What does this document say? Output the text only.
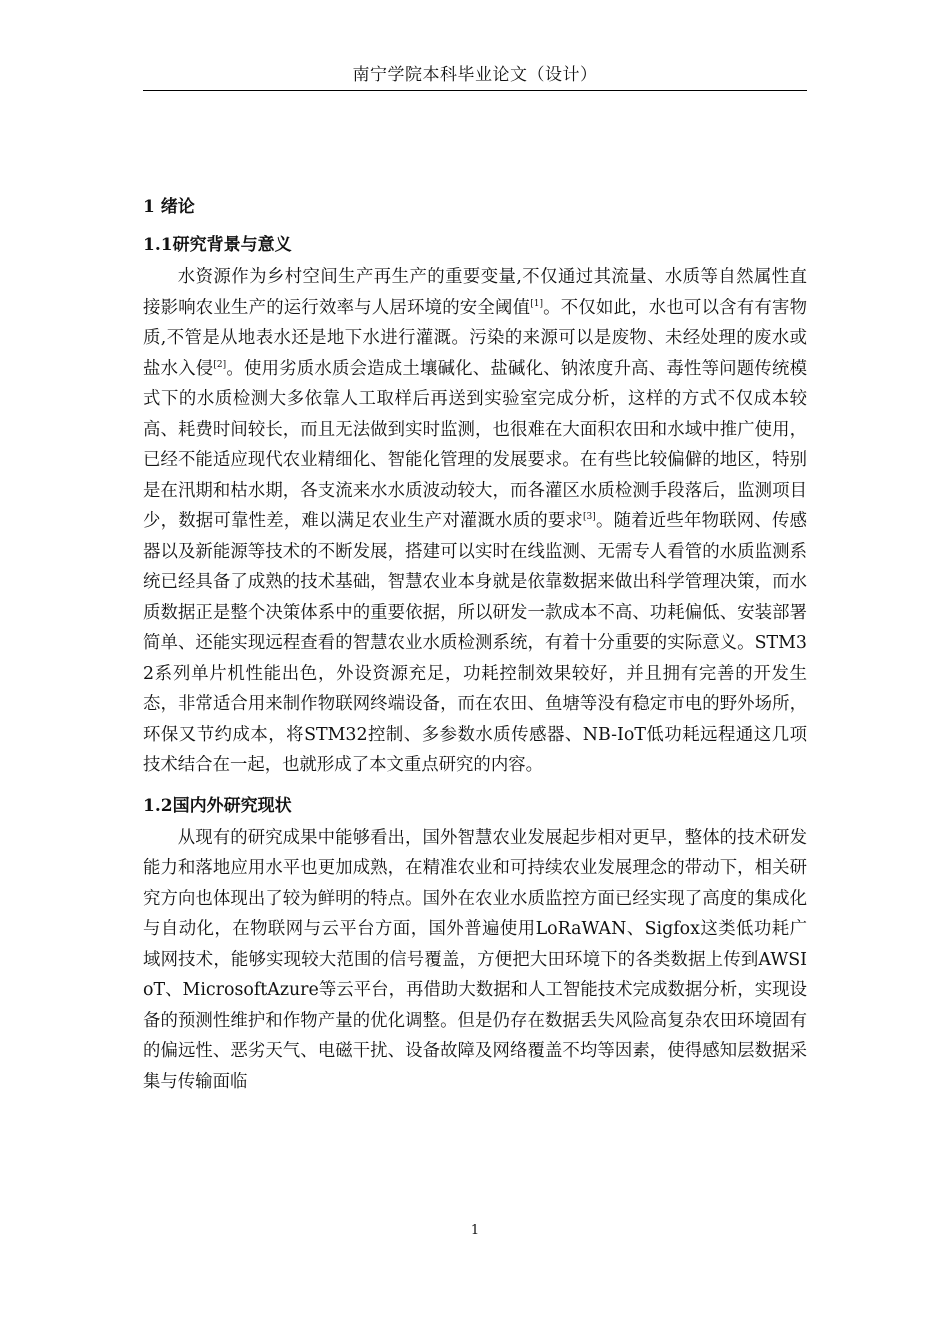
南宁学院本科毕业论文（设计）
1 绪论
1.1研究背景与意义

水资源作为乡村空间生产再生产的重要变量,不仅通过其流量、水质等自然属性直接影响农业生产的运行效率与人居环境的安全阈值[1]。不仅如此，水也可以含有有害物质,不管是从地表水还是地下水进行灌溉。污染的来源可以是废物、未经处理的废水或盐水入侵[2]。使用劣质水质会造成土壤碱化、盐碱化、钠浓度升高、毒性等问题传统模式下的水质检测大多依靠人工取样后再送到实验室完成分析，这样的方式不仅成本较高、耗费时间较长，而且无法做到实时监测，也很难在大面积农田和水域中推广使用，已经不能适应现代农业精细化、智能化管理的发展要求。在有些比较偏僻的地区，特别是在汛期和枯水期，各支流来水水质波动较大，而各灌区水质检测手段落后，监测项目少，数据可靠性差，难以满足农业生产对灌溉水质的要求[3]。随着近些年物联网、传感器以及新能源等技术的不断发展，搭建可以实时在线监测、无需专人看管的水质监测系统已经具备了成熟的技术基础，智慧农业本身就是依靠数据来做出科学管理决策，而水质数据正是整个决策体系中的重要依据，所以研发一款成本不高、功耗偏低、安装部署简单、还能实现远程查看的智慧农业水质检测系统，有着十分重要的实际意义。STM32系列单片机性能出色，外设资源充足，功耗控制效果较好，并且拥有完善的开发生态，非常适合用来制作物联网终端设备，而在农田、鱼塘等没有稳定市电的野外场所，环保又节约成本，将STM32控制、多参数水质传感器、NB-IoT低功耗远程通这几项技术结合在一起，也就形成了本文重点研究的内容。

1.2国内外研究现状

从现有的研究成果中能够看出，国外智慧农业发展起步相对更早，整体的技术研发能力和落地应用水平也更加成熟，在精准农业和可持续农业发展理念的带动下，相关研究方向也体现出了较为鲜明的特点。国外在农业水质监控方面已经实现了高度的集成化与自动化，在物联网与云平台方面，国外普遍使用LoRaWAN、Sigfox这类低功耗广域网技术，能够实现较大范围的信号覆盖，方便把大田环境下的各类数据上传到AWSIoT、MicrosoftAzure等云平台，再借助大数据和人工智能技术完成数据分析，实现设备的预测性维护和作物产量的优化调整。但是仍存在数据丢失风险高复杂农田环境固有的偏远性、恶劣天气、电磁干扰、设备故障及网络覆盖不均等因素，使得感知层数据采集与传输面临

1
